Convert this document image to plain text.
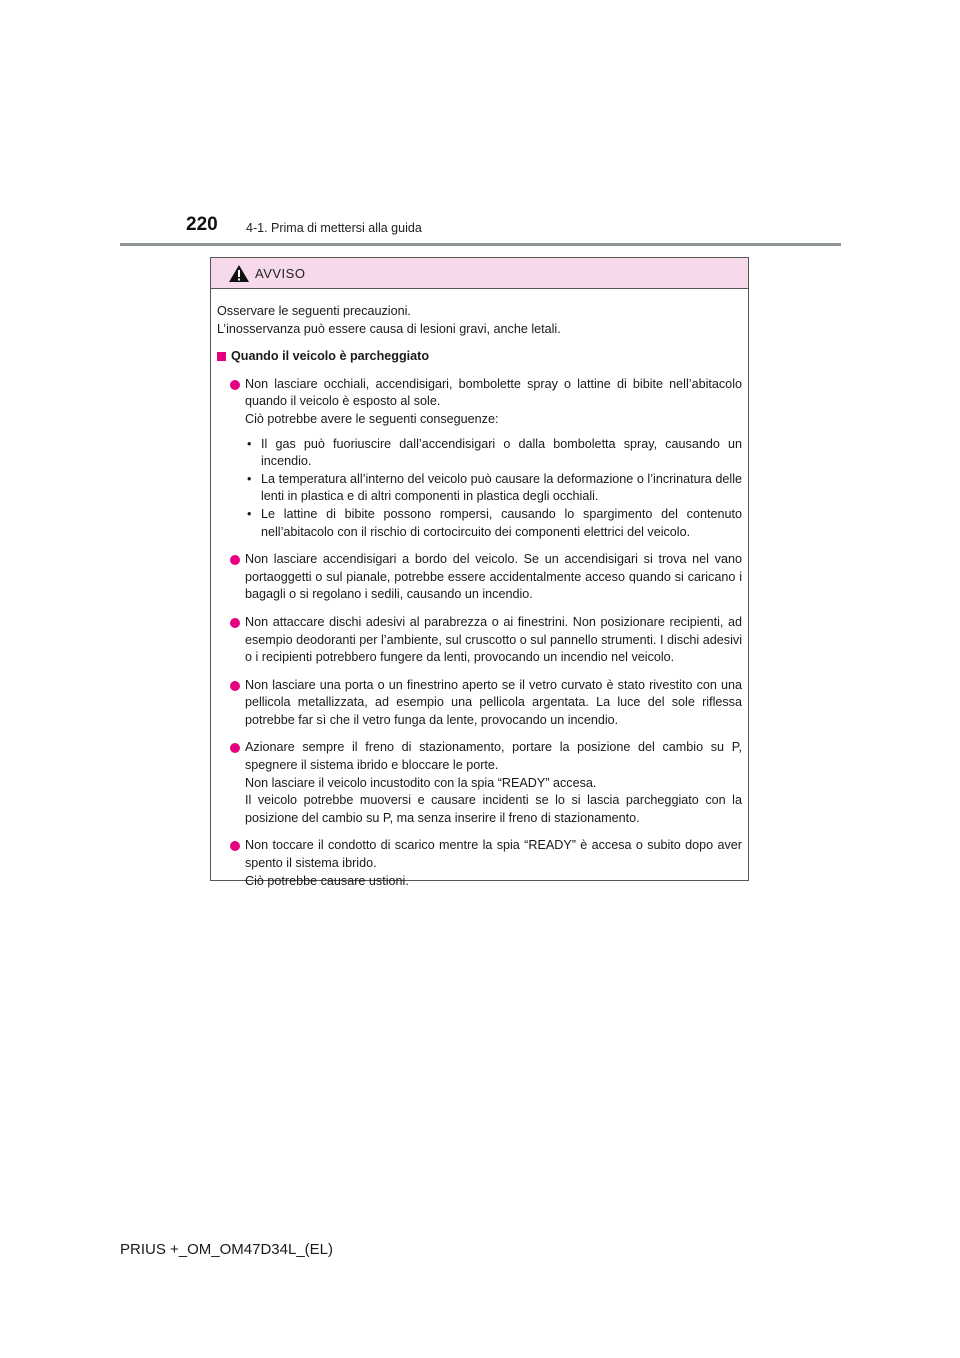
220 4-1. Prima di mettersi alla guida
AVVISO

Osservare le seguenti precauzioni.

L’inosservanza può essere causa di lesioni gravi, anche letali.

Quando il veicolo è parcheggiato
Non lasciare occhiali, accendisigari, bombolette spray o lattine di bibite nell’abitacolo quando il veicolo è esposto al sole.
Ciò potrebbe avere le seguenti conseguenze:
• Il gas può fuoriuscire dall’accendisigari o dalla bomboletta spray, causando un incendio.
• La temperatura all’interno del veicolo può causare la deformazione o l’incrinatura delle lenti in plastica e di altri componenti in plastica degli occhiali.
• Le lattine di bibite possono rompersi, causando lo spargimento del contenuto nell’abitacolo con il rischio di cortocircuito dei componenti elettrici del veicolo.
Non lasciare accendisigari a bordo del veicolo. Se un accendisigari si trova nel vano portaoggetti o sul pianale, potrebbe essere accidentalmente acceso quando si caricano i bagagli o si regolano i sedili, causando un incendio.
Non attaccare dischi adesivi al parabrezza o ai finestrini. Non posizionare recipienti, ad esempio deodoranti per l’ambiente, sul cruscotto o sul pannello strumenti. I dischi adesivi o i recipienti potrebbero fungere da lenti, provocando un incendio nel veicolo.
Non lasciare una porta o un finestrino aperto se il vetro curvato è stato rivestito con una pellicola metallizzata, ad esempio una pellicola argentata. La luce del sole riflessa potrebbe far sì che il vetro funga da lente, provocando un incendio.
Azionare sempre il freno di stazionamento, portare la posizione del cambio su P, spegnere il sistema ibrido e bloccare le porte.
Non lasciare il veicolo incustodito con la spia “READY” accesa.
Il veicolo potrebbe muoversi e causare incidenti se lo si lascia parcheggiato con la posizione del cambio su P, ma senza inserire il freno di stazionamento.
Non toccare il condotto di scarico mentre la spia “READY” è accesa o subito dopo aver spento il sistema ibrido.
Ciò potrebbe causare ustioni.
PRIUS +_OM_OM47D34L_(EL)
